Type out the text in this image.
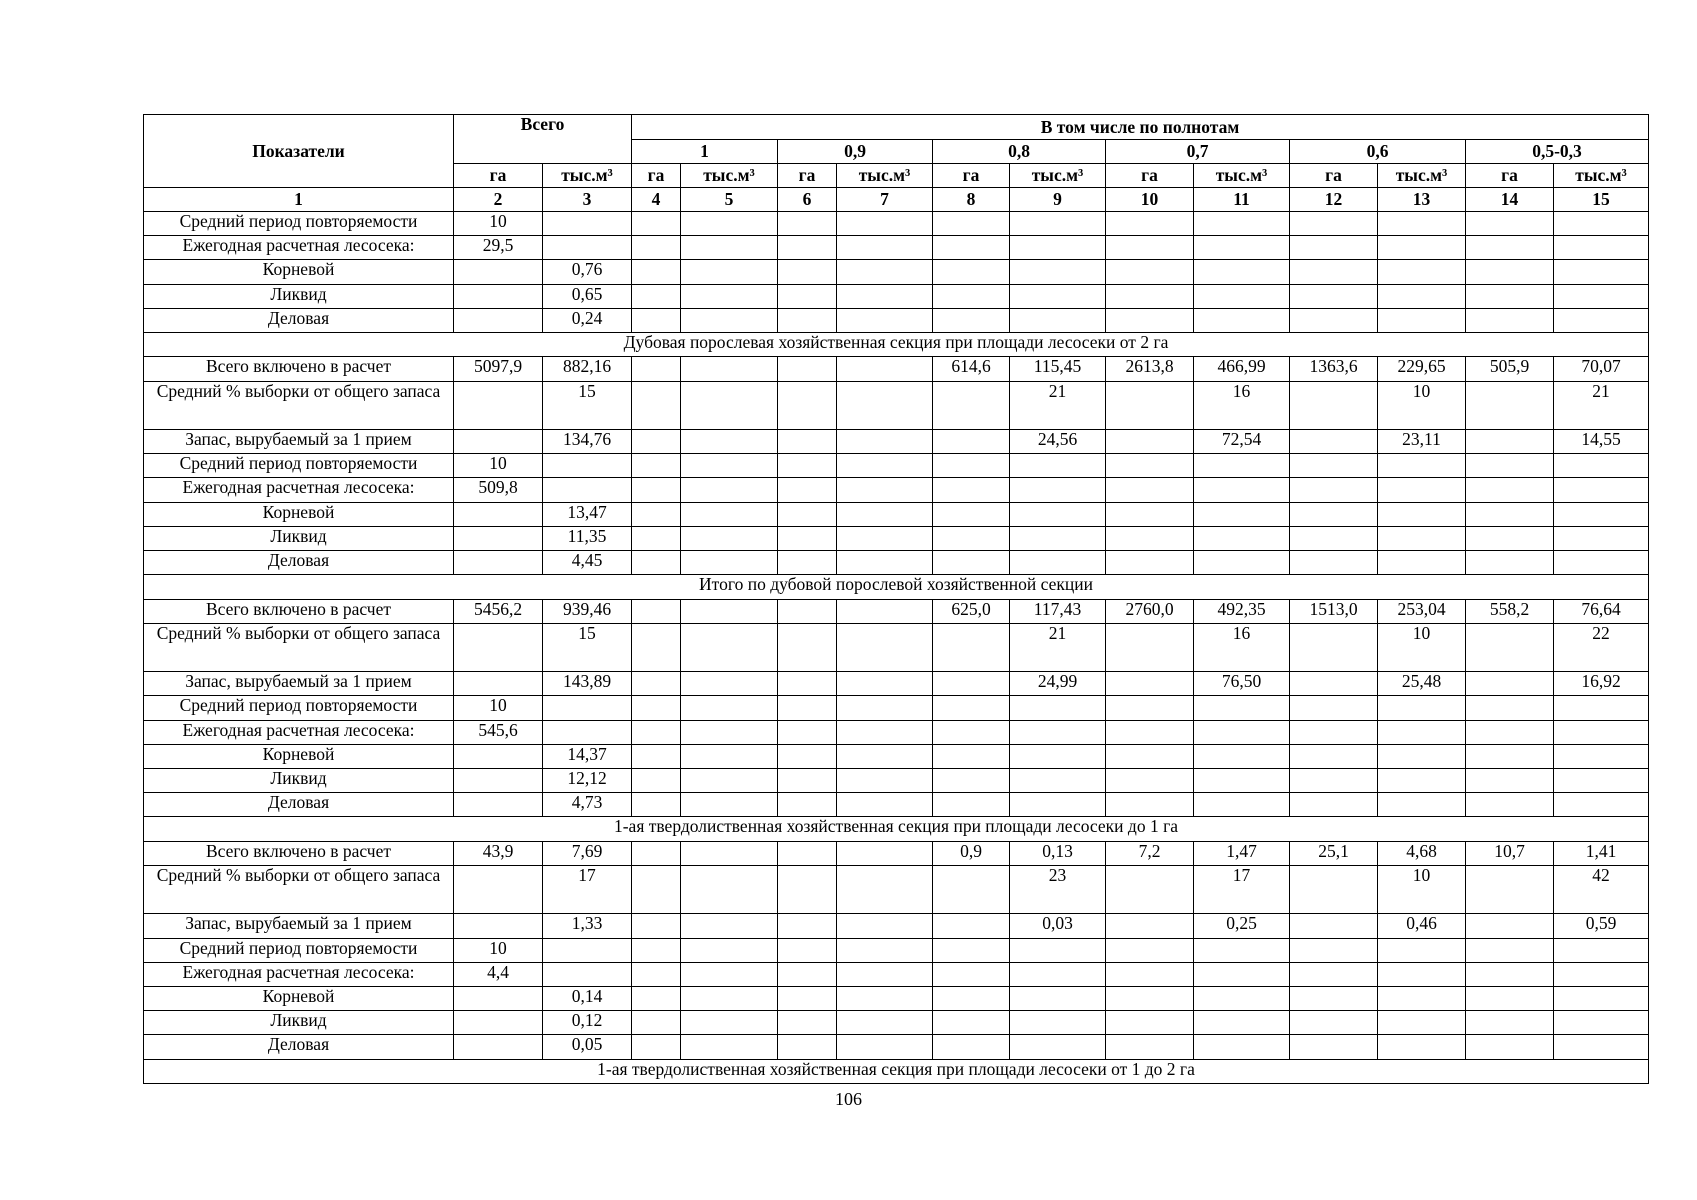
Показатели	Всего		В том числе по полнотам											
			1		0,9		0,8		0,7		0,6		0,5-0,3	
	га	тыс.м³	га	тыс.м³	га	тыс.м³	га	тыс.м³	га	тыс.м³	га	тыс.м³	га	тыс.м³
1	2	3	4	5	6	7	8	9	10	11	12	13	14	15
Средний период повторяемости	10													
Ежегодная расчетная лесосека:	29,5													
Корневой		0,76												
Ликвид		0,65												
Деловая		0,24												
Дубовая порослевая хозяйственная секция при площади лесосеки от 2 га														
Всего включено в расчет	5097,9	882,16					614,6	115,45	2613,8	466,99	1363,6	229,65	505,9	70,07
Средний % выборки от общего запаса		15						21		16		10		21
Запас, вырубаемый за 1 прием		134,76						24,56		72,54		23,11		14,55
Средний период повторяемости	10													
Ежегодная расчетная лесосека:	509,8													
Корневой		13,47												
Ликвид		11,35												
Деловая		4,45												
Итого по дубовой порослевой хозяйственной секции														
Всего включено в расчет	5456,2	939,46					625,0	117,43	2760,0	492,35	1513,0	253,04	558,2	76,64
Средний % выборки от общего запаса		15						21		16		10		22
Запас, вырубаемый за 1 прием		143,89						24,99		76,50		25,48		16,92
Средний период повторяемости	10													
Ежегодная расчетная лесосека:	545,6													
Корневой		14,37												
Ликвид		12,12												
Деловая		4,73												
1-ая твердолиственная хозяйственная секция при площади лесосеки до 1 га														
Всего включено в расчет	43,9	7,69					0,9	0,13	7,2	1,47	25,1	4,68	10,7	1,41
Средний % выборки от общего запаса		17						23		17		10		42
Запас, вырубаемый за 1 прием		1,33						0,03		0,25		0,46		0,59
Средний период повторяемости	10													
Ежегодная расчетная лесосека:	4,4													
Корневой		0,14												
Ликвид		0,12												
Деловая		0,05												
1-ая твердолиственная хозяйственная секция при площади лесосеки от 1 до 2 га														
106
